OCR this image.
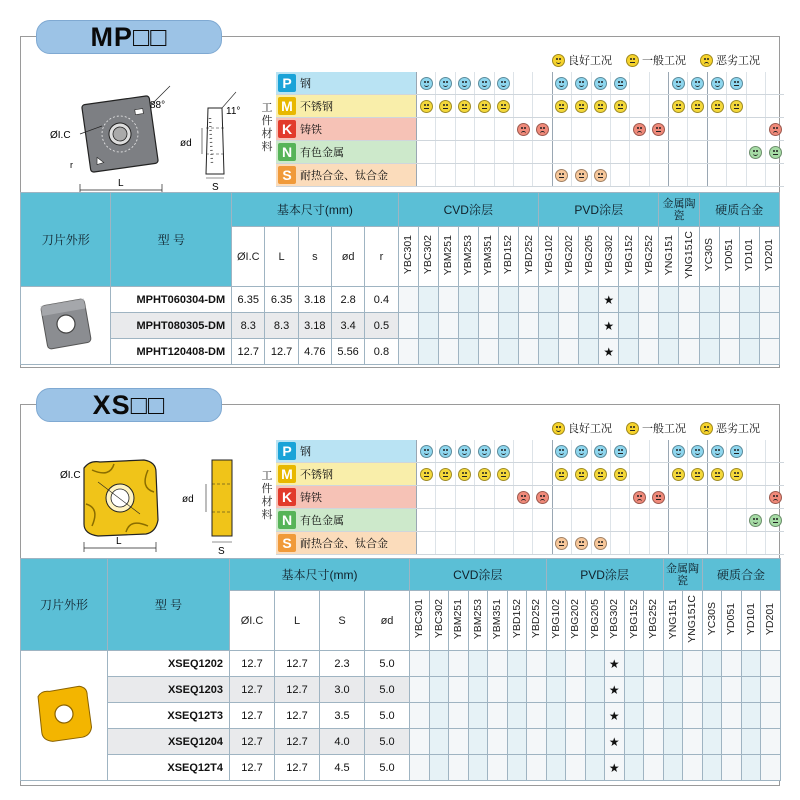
MP□□
良好工况	一般工况	恶劣工况
ØI.C
88°
11°
ød
L	S
r
工件材料
P 钢
M 不锈钢
K 铸铁
N 有色金属
S 耐热合金、钛合金
刀片外形	型 号	基本尺寸(mm)					CVD涂层							PVD涂层						金属陶瓷		硬质合金			
		ØI.C	L	s	ød	r	YBC301	YBC302	YBM251	YBM253	YBM351	YBD152	YBD252	YBG102	YBG202	YBG205	YBG302	YBG152	YBG252	YNG151	YNG151C	YC30S	YD051	YD101	YD201
	MPHT060304-DM	6.35	6.35	3.18	2.8	0.4											★								
	MPHT080305-DM	8.3	8.3	3.18	3.4	0.5											★								
	MPHT120408-DM	12.7	12.7	4.76	5.56	0.8											★								
XS□□
良好工况	一般工况	恶劣工况
ØI.C
ød
L
S
工件材料
P 钢
M 不锈钢
K 铸铁
N 有色金属
S 耐热合金、钛合金
刀片外形	型 号	基本尺寸(mm)				CVD涂层							PVD涂层						金属陶瓷		硬质合金			
		ØI.C	L	S	ød	YBC301	YBC302	YBM251	YBM253	YBM351	YBD152	YBD252	YBG102	YBG202	YBG205	YBG302	YBG152	YBG252	YNG151	YNG151C	YC30S	YD051	YD101	YD201
	XSEQ1202	12.7	12.7	2.3	5.0											★								
	XSEQ1203	12.7	12.7	3.0	5.0											★								
	XSEQ12T3	12.7	12.7	3.5	5.0											★								
	XSEQ1204	12.7	12.7	4.0	5.0											★								
	XSEQ12T4	12.7	12.7	4.5	5.0											★								
